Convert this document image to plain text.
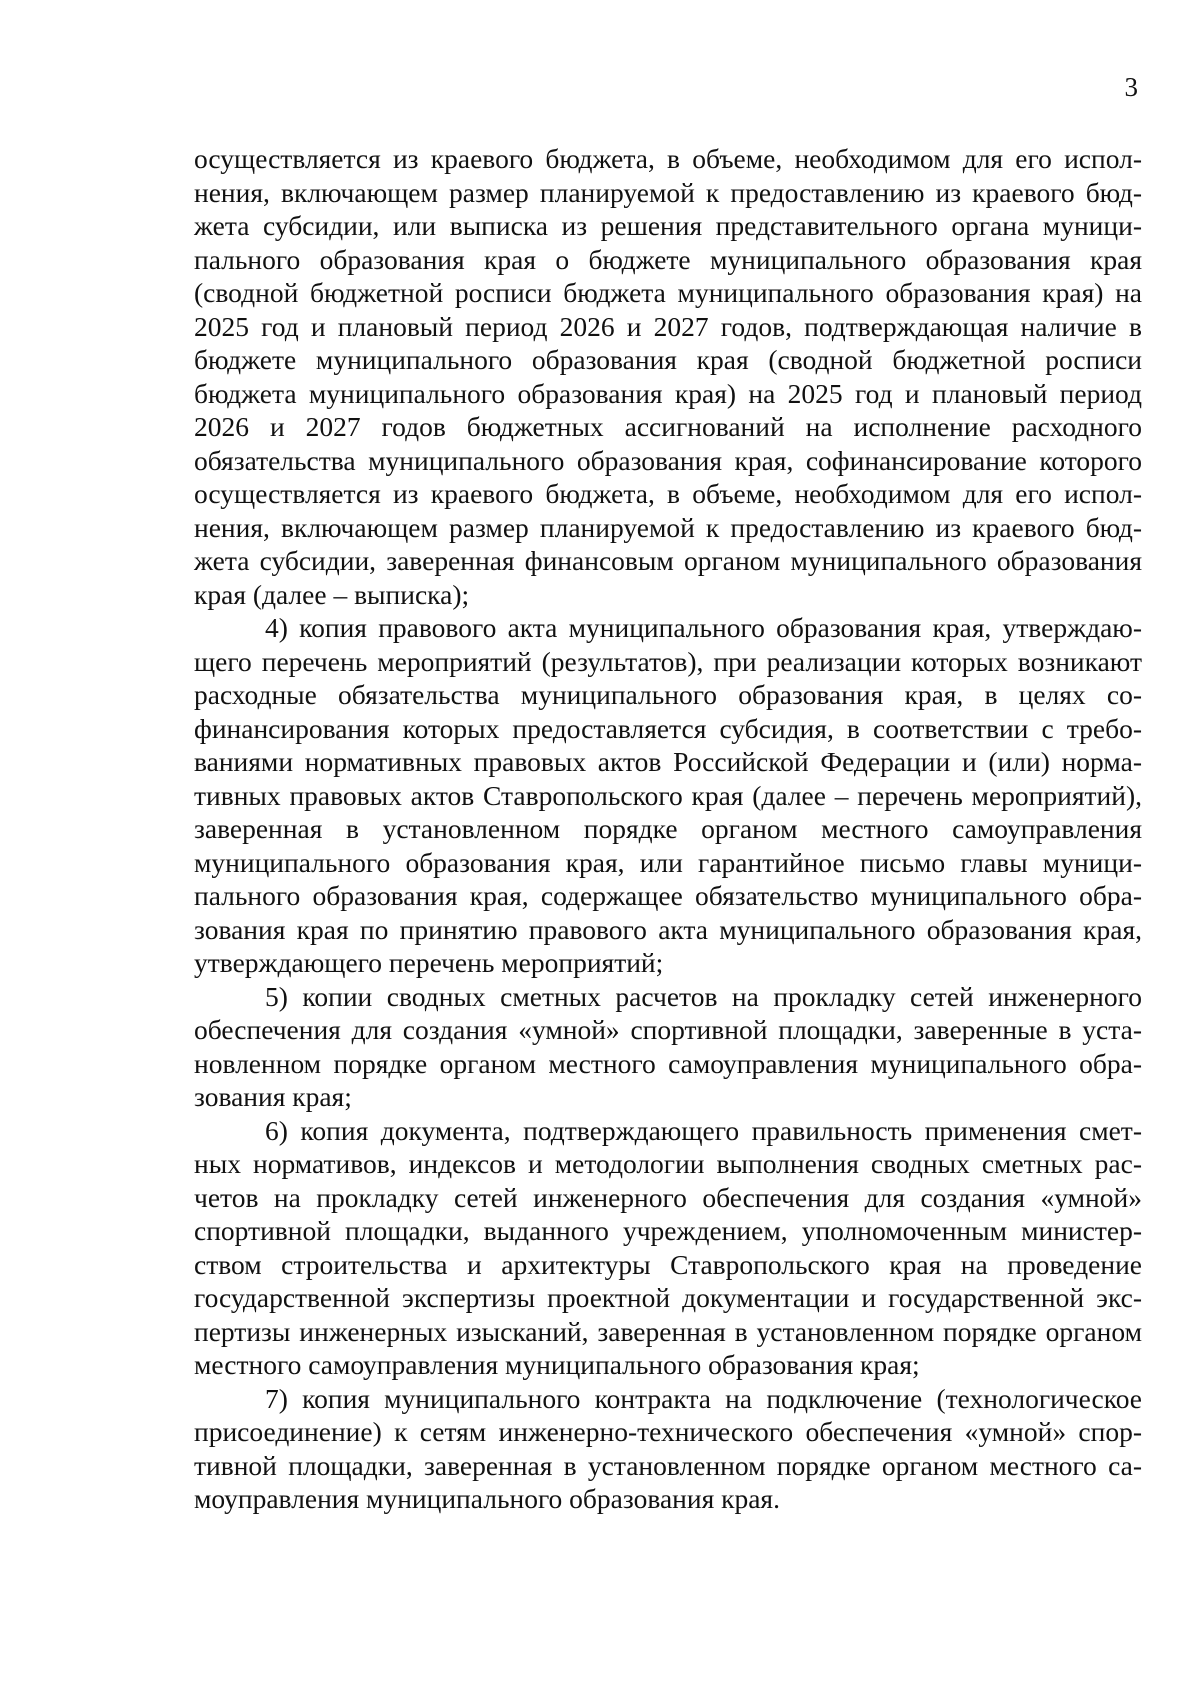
3

осуществляется из краевого бюджета, в объеме, необходимом для его исполнения, включающем размер планируемой к предоставлению из краевого бюджета субсидии, или выписка из решения представительного органа муниципального образования края о бюджете муниципального образования края (сводной бюджетной росписи бюджета муниципального образования края) на 2025 год и плановый период 2026 и 2027 годов, подтверждающая наличие в бюджете муниципального образования края (сводной бюджетной росписи бюджета муниципального образования края) на 2025 год и плановый период 2026 и 2027 годов бюджетных ассигнований на исполнение расходного обязательства муниципального образования края, софинансирование которого осуществляется из краевого бюджета, в объеме, необходимом для его исполнения, включающем размер планируемой к предоставлению из краевого бюджета субсидии, заверенная финансовым органом муниципального образования края (далее – выписка);

4) копия правового акта муниципального образования края, утверждающего перечень мероприятий (результатов), при реализации которых возникают расходные обязательства муниципального образования края, в целях софинансирования которых предоставляется субсидия, в соответствии с требованиями нормативных правовых актов Российской Федерации и (или) нормативных правовых актов Ставропольского края (далее – перечень мероприятий), заверенная в установленном порядке органом местного самоуправления муниципального образования края, или гарантийное письмо главы муниципального образования края, содержащее обязательство муниципального образования края по принятию правового акта муниципального образования края, утверждающего перечень мероприятий;

5) копии сводных сметных расчетов на прокладку сетей инженерного обеспечения для создания «умной» спортивной площадки, заверенные в установленном порядке органом местного самоуправления муниципального образования края;

6) копия документа, подтверждающего правильность применения сметных нормативов, индексов и методологии выполнения сводных сметных расчетов на прокладку сетей инженерного обеспечения для создания «умной» спортивной площадки, выданного учреждением, уполномоченным министерством строительства и архитектуры Ставропольского края на проведение государственной экспертизы проектной документации и государственной экспертизы инженерных изысканий, заверенная в установленном порядке органом местного самоуправления муниципального образования края;

7) копия муниципального контракта на подключение (технологическое присоединение) к сетям инженерно-технического обеспечения «умной» спортивной площадки, заверенная в установленном порядке органом местного самоуправления муниципального образования края.
